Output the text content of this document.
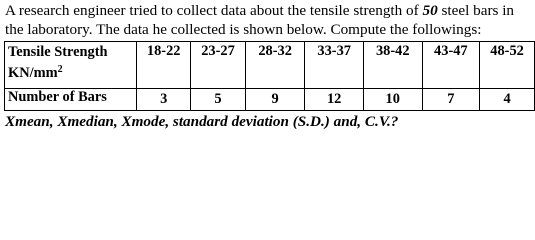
A research engineer tried to collect data about the tensile strength of 50 steel bars in
the laboratory. The data he collected is shown below. Compute the followings:

Tensile Strength
$KN/mm^2$	18-22	23-27	28-32	33-37	38-42	43-47	48-52
Number of Bars	3	5	9	12	10	7	4

Xmean, Xmedian, Xmode, standard deviation (S.D.) and, C.V.?
